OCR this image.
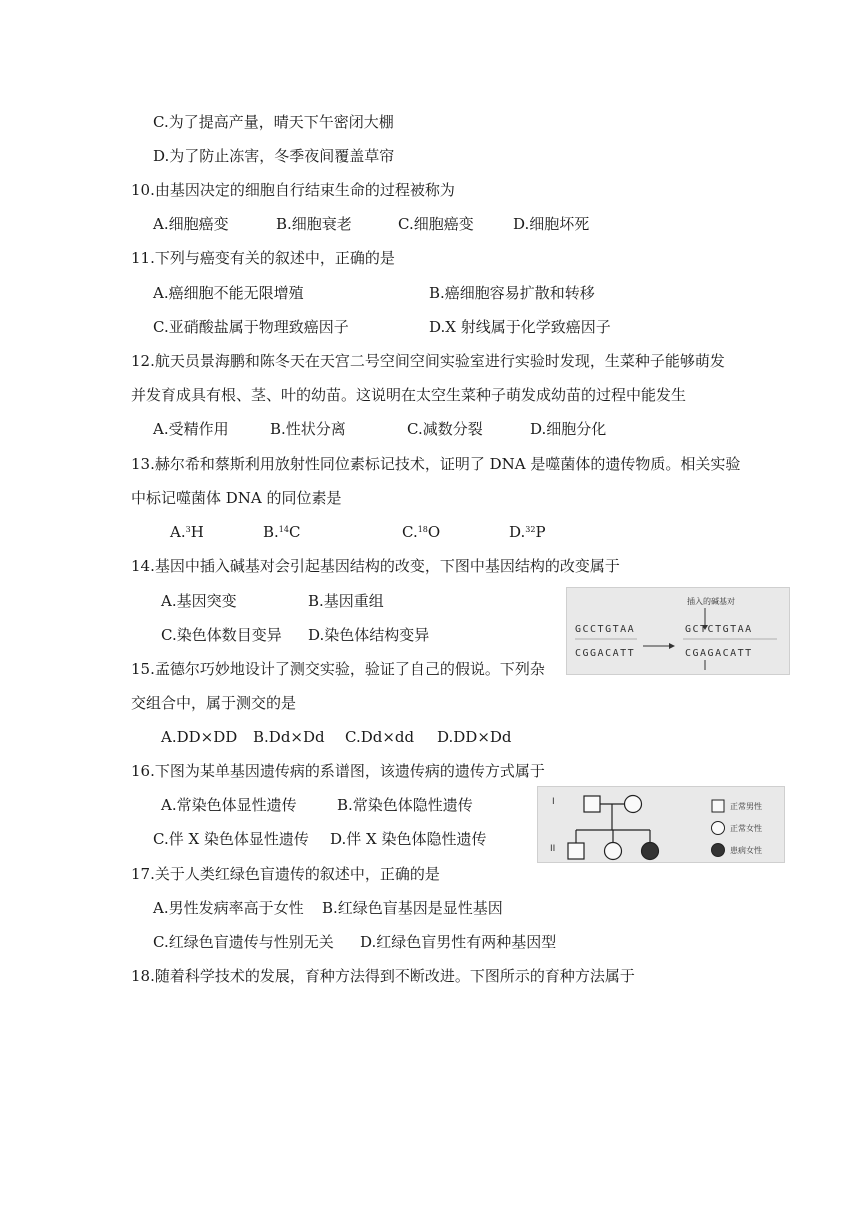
C.为了提高产量，晴天下午密闭大棚
D.为了防止冻害，冬季夜间覆盖草帘
10.由基因决定的细胞自行结束生命的过程被称为
A.细胞癌变	B.细胞衰老	C.细胞癌变	D.细胞坏死
11.下列与癌变有关的叙述中，正确的是
A.癌细胞不能无限增殖	B.癌细胞容易扩散和转移
C.亚硝酸盐属于物理致癌因子	D.X 射线属于化学致癌因子
12.航天员景海鹏和陈冬天在天宫二号空间空间实验室进行实验时发现，生菜种子能够萌发
并发育成具有根、茎、叶的幼苗。这说明在太空生菜种子萌发成幼苗的过程中能发生
A.受精作用	B.性状分离	C.减数分裂	D.细胞分化
13.赫尔希和蔡斯利用放射性同位素标记技术，证明了 DNA 是噬菌体的遗传物质。相关实验
中标记噬菌体 DNA 的同位素是
A.$^3$H	B.$^{14}$C	C.$^{18}$O	D.$^{32}$P
14.基因中插入碱基对会引起基因结构的改变，下图中基因结构的改变属于
A.基因突变	B.基因重组
C.染色体数目变异 D.染色体结构变异
插入的碱基对
GCCTGTAA
CGGACATT
GCTCTGTAA
CGAGACATT
15.孟德尔巧妙地设计了测交实验，验证了自己的假说。下列杂
交组合中，属于测交的是
A.DD×DD B.Dd×Dd C.Dd×dd D.DD×Dd
16.下图为某单基因遗传病的系谱图，该遗传病的遗传方式属于
A.常染色体显性遗传	B.常染色体隐性遗传
C.伴 X 染色体显性遗传 D.伴 X 染色体隐性遗传
I
II
正常男性
正常女性
患病女性
17.关于人类红绿色盲遗传的叙述中，正确的是
A.男性发病率高于女性 B.红绿色盲基因是显性基因
C.红绿色盲遗传与性别无关 D.红绿色盲男性有两种基因型
18.随着科学技术的发展，育种方法得到不断改进。下图所示的育种方法属于
